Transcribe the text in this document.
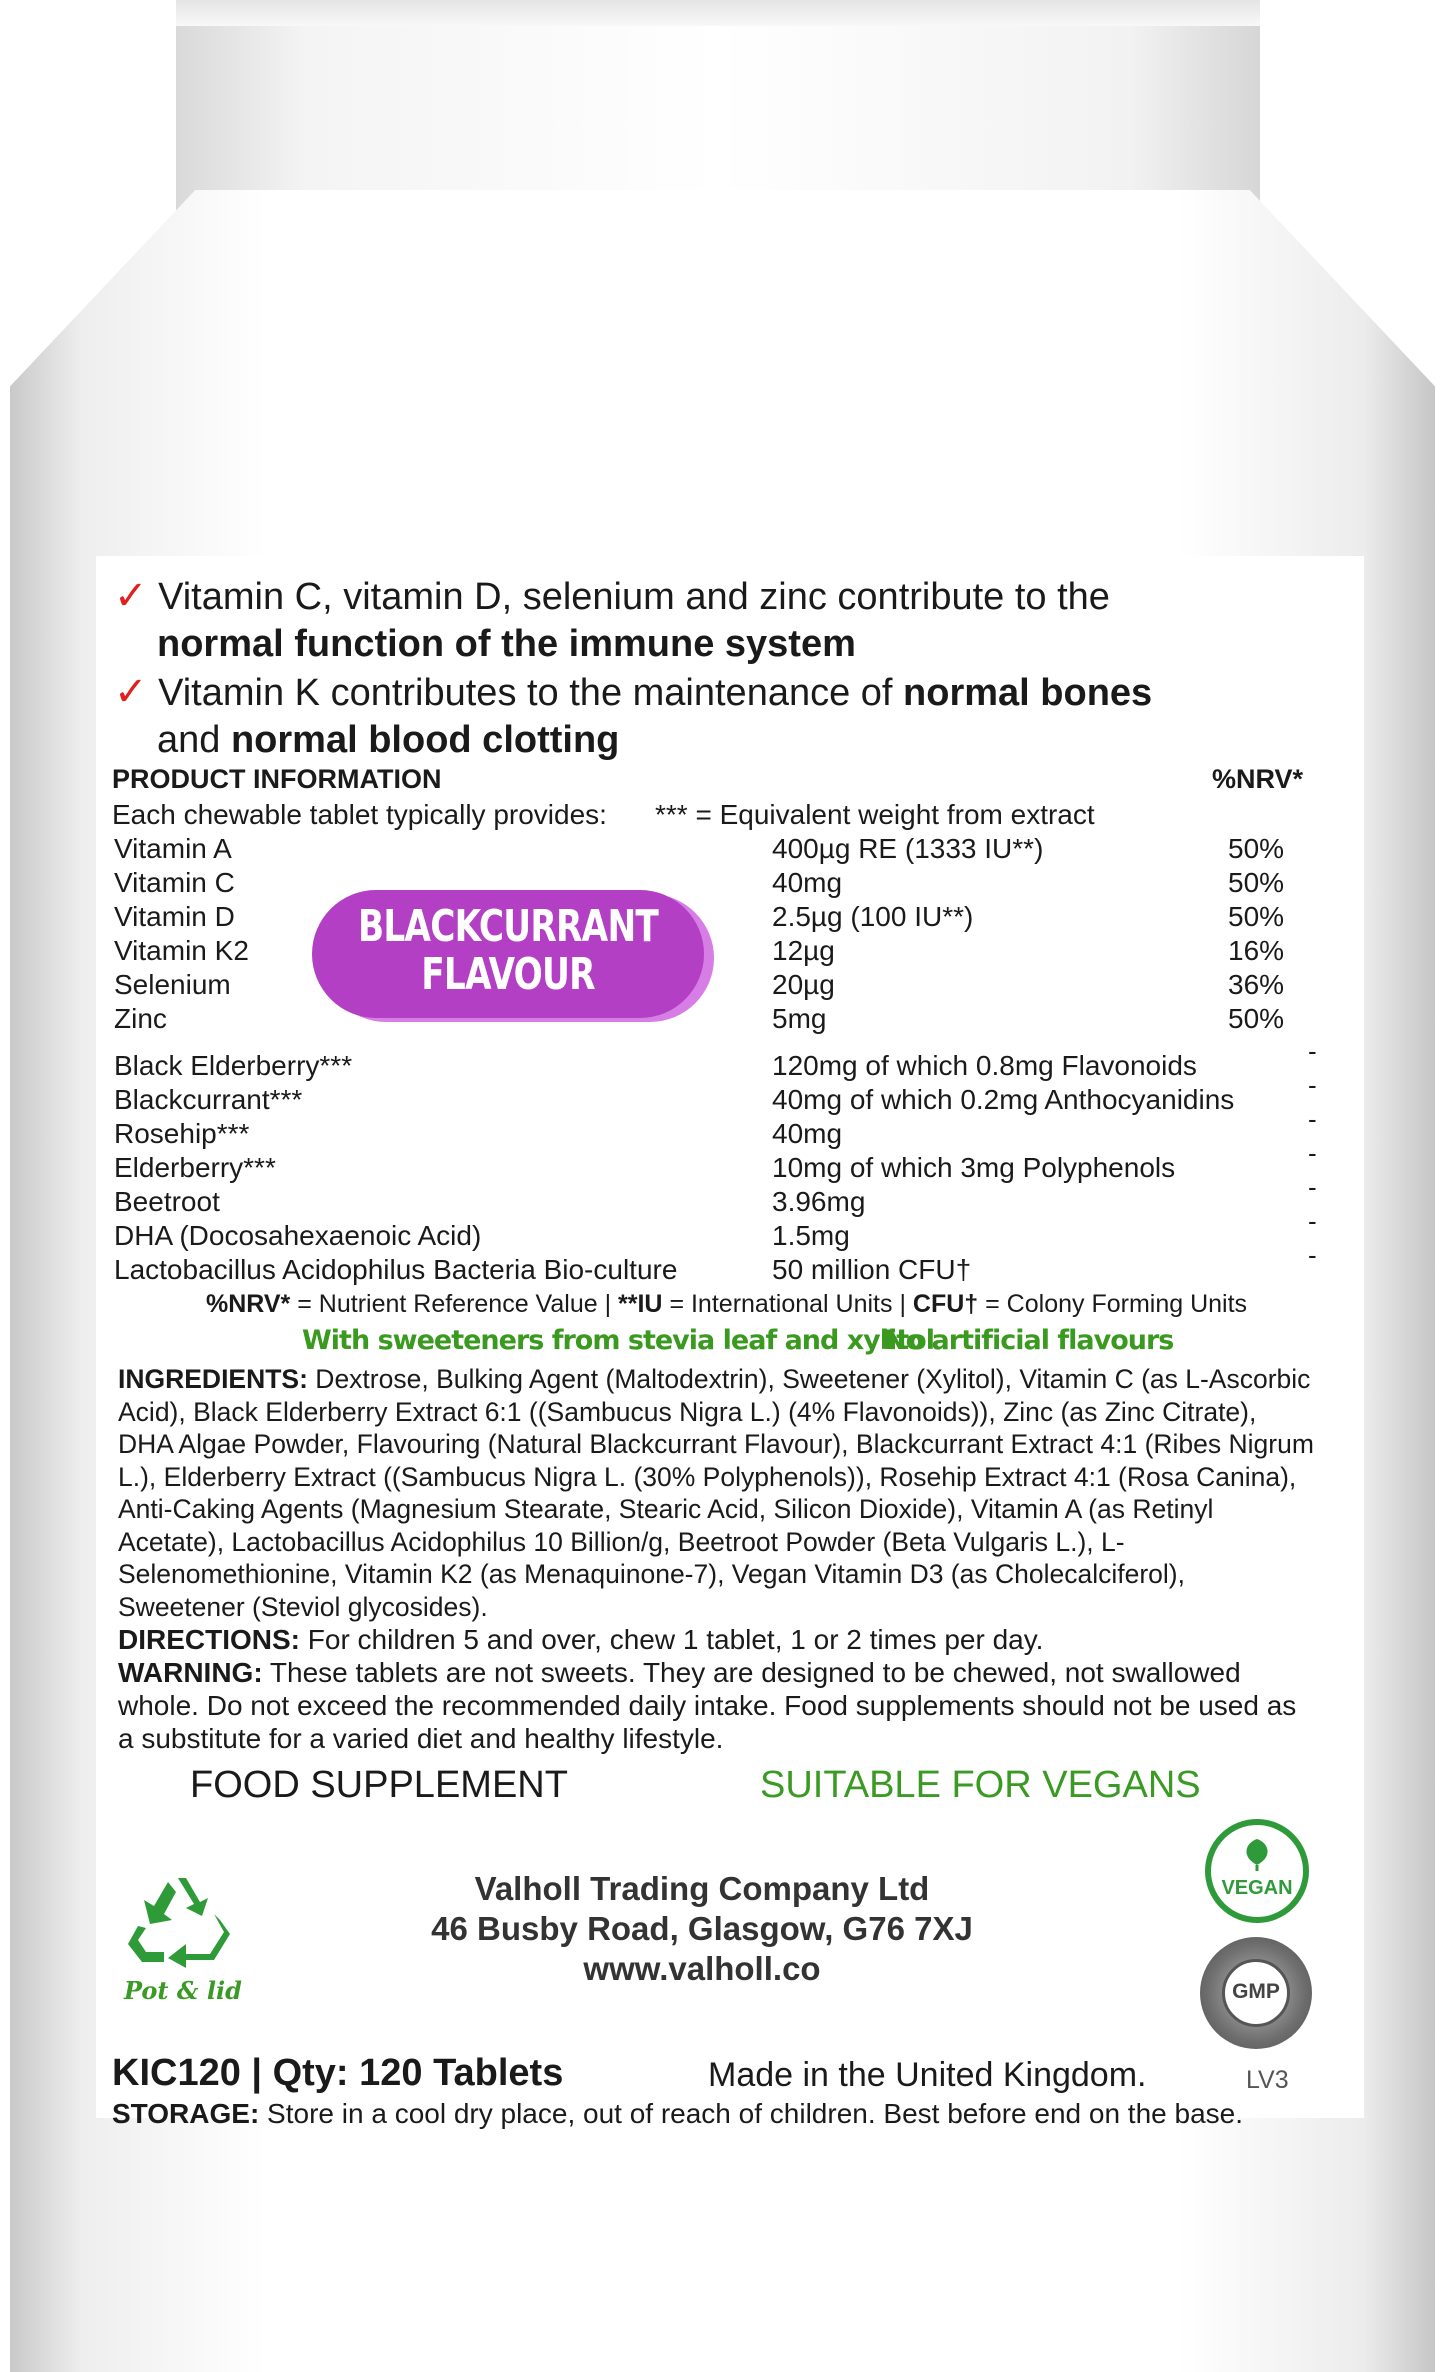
✓ Vitamin C, vitamin D, selenium and zinc contribute to the
normal function of the immune system
✓ Vitamin K contributes to the maintenance of normal bones
and normal blood clotting
PRODUCT INFORMATION	%NRV*
Each chewable tablet typically provides: *** = Equivalent weight from extract
Vitamin A	400µg RE (1333 IU**)	50%
Vitamin C	40mg	50%
Vitamin D	2.5µg (100 IU**)	50%
Vitamin K2	12µg	16%
Selenium	20µg	36%
Zinc	5mg	50%
BLACKCURRANT
FLAVOUR
Black Elderberry***	120mg of which 0.8mg Flavonoids	-
Blackcurrant***	40mg of which 0.2mg Anthocyanidins	-
Rosehip***	40mg	-
Elderberry***	10mg of which 3mg Polyphenols	-
Beetroot	3.96mg	-
DHA (Docosahexaenoic Acid)	1.5mg	-
Lactobacillus Acidophilus Bacteria Bio-culture	50 million CFU†	-
%NRV* = Nutrient Reference Value | **IU = International Units | CFU† = Colony Forming Units
With sweeteners from stevia leaf and xylitol
No artificial flavours
INGREDIENTS: Dextrose, Bulking Agent (Maltodextrin), Sweetener (Xylitol), Vitamin C (as L-Ascorbic Acid), Black Elderberry Extract 6:1 ((Sambucus Nigra L.) (4% Flavonoids)), Zinc (as Zinc Citrate), DHA Algae Powder, Flavouring (Natural Blackcurrant Flavour), Blackcurrant Extract 4:1 (Ribes Nigrum L.), Elderberry Extract ((Sambucus Nigra L. (30% Polyphenols)), Rosehip Extract 4:1 (Rosa Canina), Anti-Caking Agents (Magnesium Stearate, Stearic Acid, Silicon Dioxide), Vitamin A (as Retinyl Acetate), Lactobacillus Acidophilus 10 Billion/g, Beetroot Powder (Beta Vulgaris L.), L-Selenomethionine, Vitamin K2 (as Menaquinone-7), Vegan Vitamin D3 (as Cholecalciferol), Sweetener (Steviol glycosides).
DIRECTIONS: For children 5 and over, chew 1 tablet, 1 or 2 times per day.
WARNING: These tablets are not sweets. They are designed to be chewed, not swallowed whole. Do not exceed the recommended daily intake. Food supplements should not be used as a substitute for a varied diet and healthy lifestyle.
FOOD SUPPLEMENT	SUITABLE FOR VEGANS
Pot & lid
Valholl Trading Company Ltd
46 Busby Road, Glasgow, G76 7XJ
www.valholl.co
VEGAN
GMP
KIC120 | Qty: 120 Tablets	Made in the United Kingdom.	LV3
STORAGE: Store in a cool dry place, out of reach of children. Best before end on the base.
